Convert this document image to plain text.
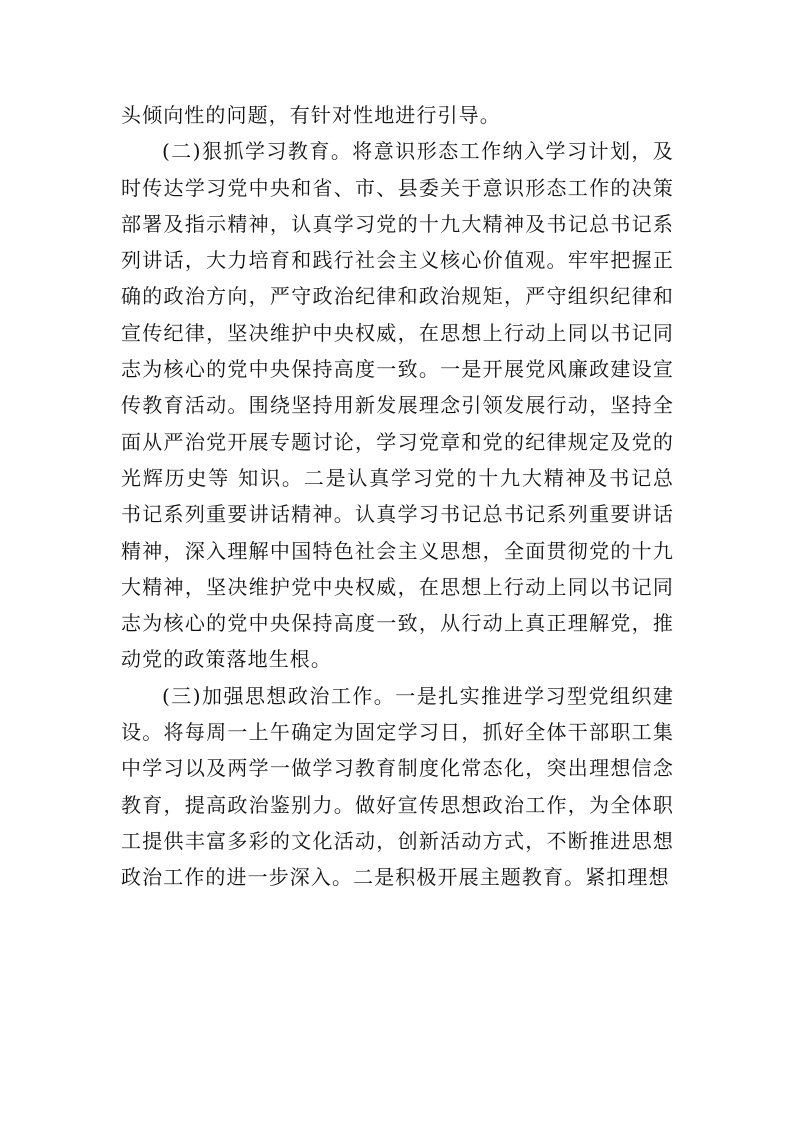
头倾向性的问题，有针对性地进行引导。

(二)狠抓学习教育。将意识形态工作纳入学习计划，及时传达学习党中央和省、市、县委关于意识形态工作的决策部署及指示精神，认真学习党的十九大精神及书记总书记系列讲话，大力培育和践行社会主义核心价值观。牢牢把握正确的政治方向，严守政治纪律和政治规矩，严守组织纪律和宣传纪律，坚决维护中央权威，在思想上行动上同以书记同志为核心的党中央保持高度一致。一是开展党风廉政建设宣传教育活动。围绕坚持用新发展理念引领发展行动，坚持全面从严治党开展专题讨论，学习党章和党的纪律规定及党的光辉历史等 知识。二是认真学习党的十九大精神及书记总书记系列重要讲话精神。认真学习书记总书记系列重要讲话精神，深入理解中国特色社会主义思想，全面贯彻党的十九大精神，坚决维护党中央权威，在思想上行动上同以书记同志为核心的党中央保持高度一致，从行动上真正理解党，推动党的政策落地生根。

(三)加强思想政治工作。一是扎实推进学习型党组织建设。将每周一上午确定为固定学习日，抓好全体干部职工集中学习以及两学一做学习教育制度化常态化，突出理想信念教育，提高政治鉴别力。做好宣传思想政治工作，为全体职工提供丰富多彩的文化活动，创新活动方式，不断推进思想政治工作的进一步深入。二是积极开展主题教育。紧扣理想
